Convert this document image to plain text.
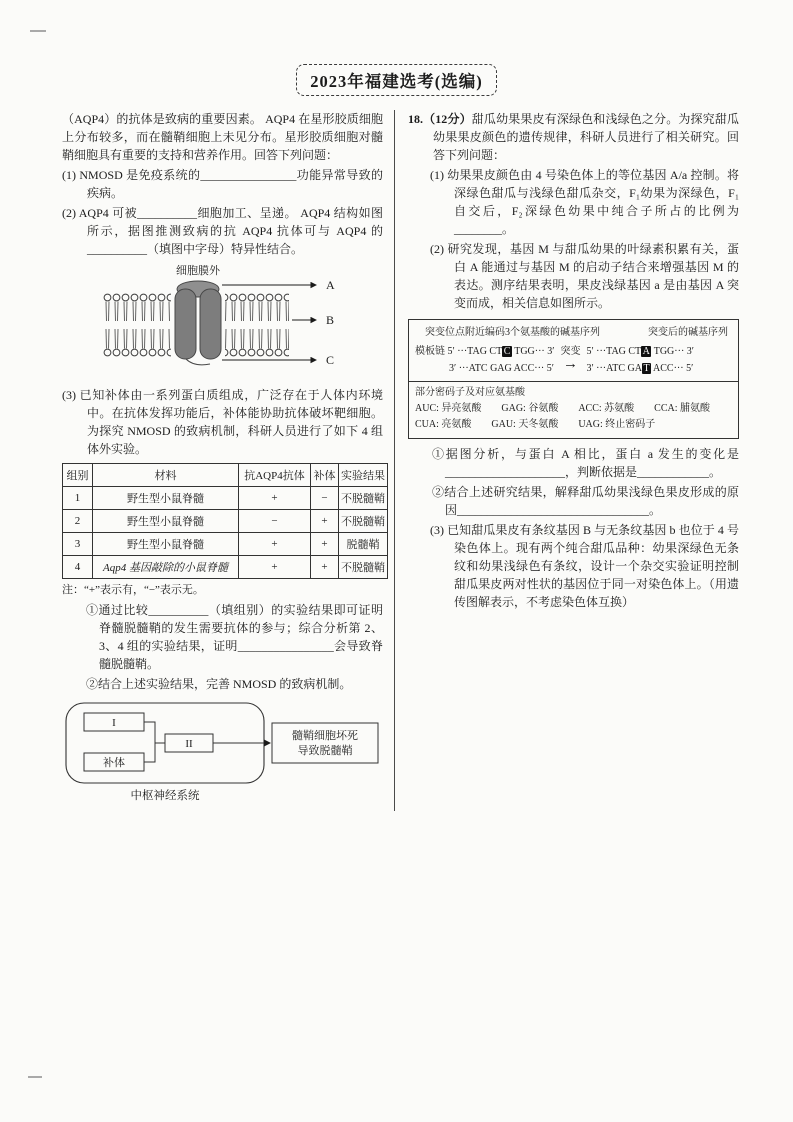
2023年福建选考(选编)

（AQP4）的抗体是致病的重要因素。 AQP4 在星形胶质细胞上分布较多，而在髓鞘细胞上未见分布。星形胶质细胞对髓鞘细胞具有重要的支持和营养作用。回答下列问题：

(1) NMOSD 是免疫系统的________________功能异常导致的疾病。

(2) AQP4 可被__________细胞加工、呈递。 AQP4 结构如图所示，据图推测致病的抗 AQP4 抗体可与 AQP4 的__________（填图中字母）特异性结合。

细胞膜外
A
B
C

(3) 已知补体由一系列蛋白质组成，广泛存在于人体内环境中。在抗体发挥功能后，补体能协助抗体破坏靶细胞。为探究 NMOSD 的致病机制，科研人员进行了如下 4 组体外实验。

组别	材料	抗AQP4抗体	补体	实验结果
1	野生型小鼠脊髓	+	−	不脱髓鞘
2	野生型小鼠脊髓	−	+	不脱髓鞘
3	野生型小鼠脊髓	+	+	脱髓鞘
4	Aqp4 基因敲除的小鼠脊髓	+	+	不脱髓鞘

注：“+”表示有，“−”表示无。

①通过比较__________（填组别）的实验结果即可证明脊髓脱髓鞘的发生需要抗体的参与；综合分析第 2、3、4 组的实验结果，证明________________会导致脊髓脱髓鞘。

②结合上述实验结果，完善 NMOSD 的致病机制。

I
补体
II
髓鞘细胞坏死
导致脱髓鞘
中枢神经系统

18.（12分）甜瓜幼果果皮有深绿色和浅绿色之分。为探究甜瓜幼果果皮颜色的遗传规律，科研人员进行了相关研究。回答下列问题：

(1) 幼果果皮颜色由 4 号染色体上的等位基因 A/a 控制。将深绿色甜瓜与浅绿色甜瓜杂交，F₁幼果为深绿色，F₁自交后，F₂深绿色幼果中纯合子所占的比例为________。

(2) 研究发现，基因 M 与甜瓜幼果的叶绿素积累有关，蛋白 A 能通过与基因 M 的启动子结合来增强基因 M 的表达。测序结果表明，果皮浅绿基因 a 是由基因 A 突变而成，相关信息如图所示。

突变位点附近编码3个氨基酸的碱基序列	突变后的碱基序列
模板链 5′ ···TAG CT C TGG··· 3′
3′ ···ATC GAG ACC··· 5′
突变
→
5′ ···TAG CT A TGG··· 3′
3′ ···ATC GA T ACC··· 5′
部分密码子及对应氨基酸
AUC: 异亮氨酸　　GAG: 谷氨酸　　ACC: 苏氨酸　　CCA: 脯氨酸
CUA: 亮氨酸　　GAU: 天冬氨酸　　UAG: 终止密码子

①据图分析，与蛋白 A 相比，蛋白 a 发生的变化是____________________，判断依据是____________。

②结合上述研究结果，解释甜瓜幼果浅绿色果皮形成的原因________________________________。

(3) 已知甜瓜果皮有条纹基因 B 与无条纹基因 b 也位于 4 号染色体上。现有两个纯合甜瓜品种：幼果深绿色无条纹和幼果浅绿色有条纹，设计一个杂交实验证明控制甜瓜果皮两对性状的基因位于同一对染色体上。（用遗传图解表示，不考虑染色体互换）
